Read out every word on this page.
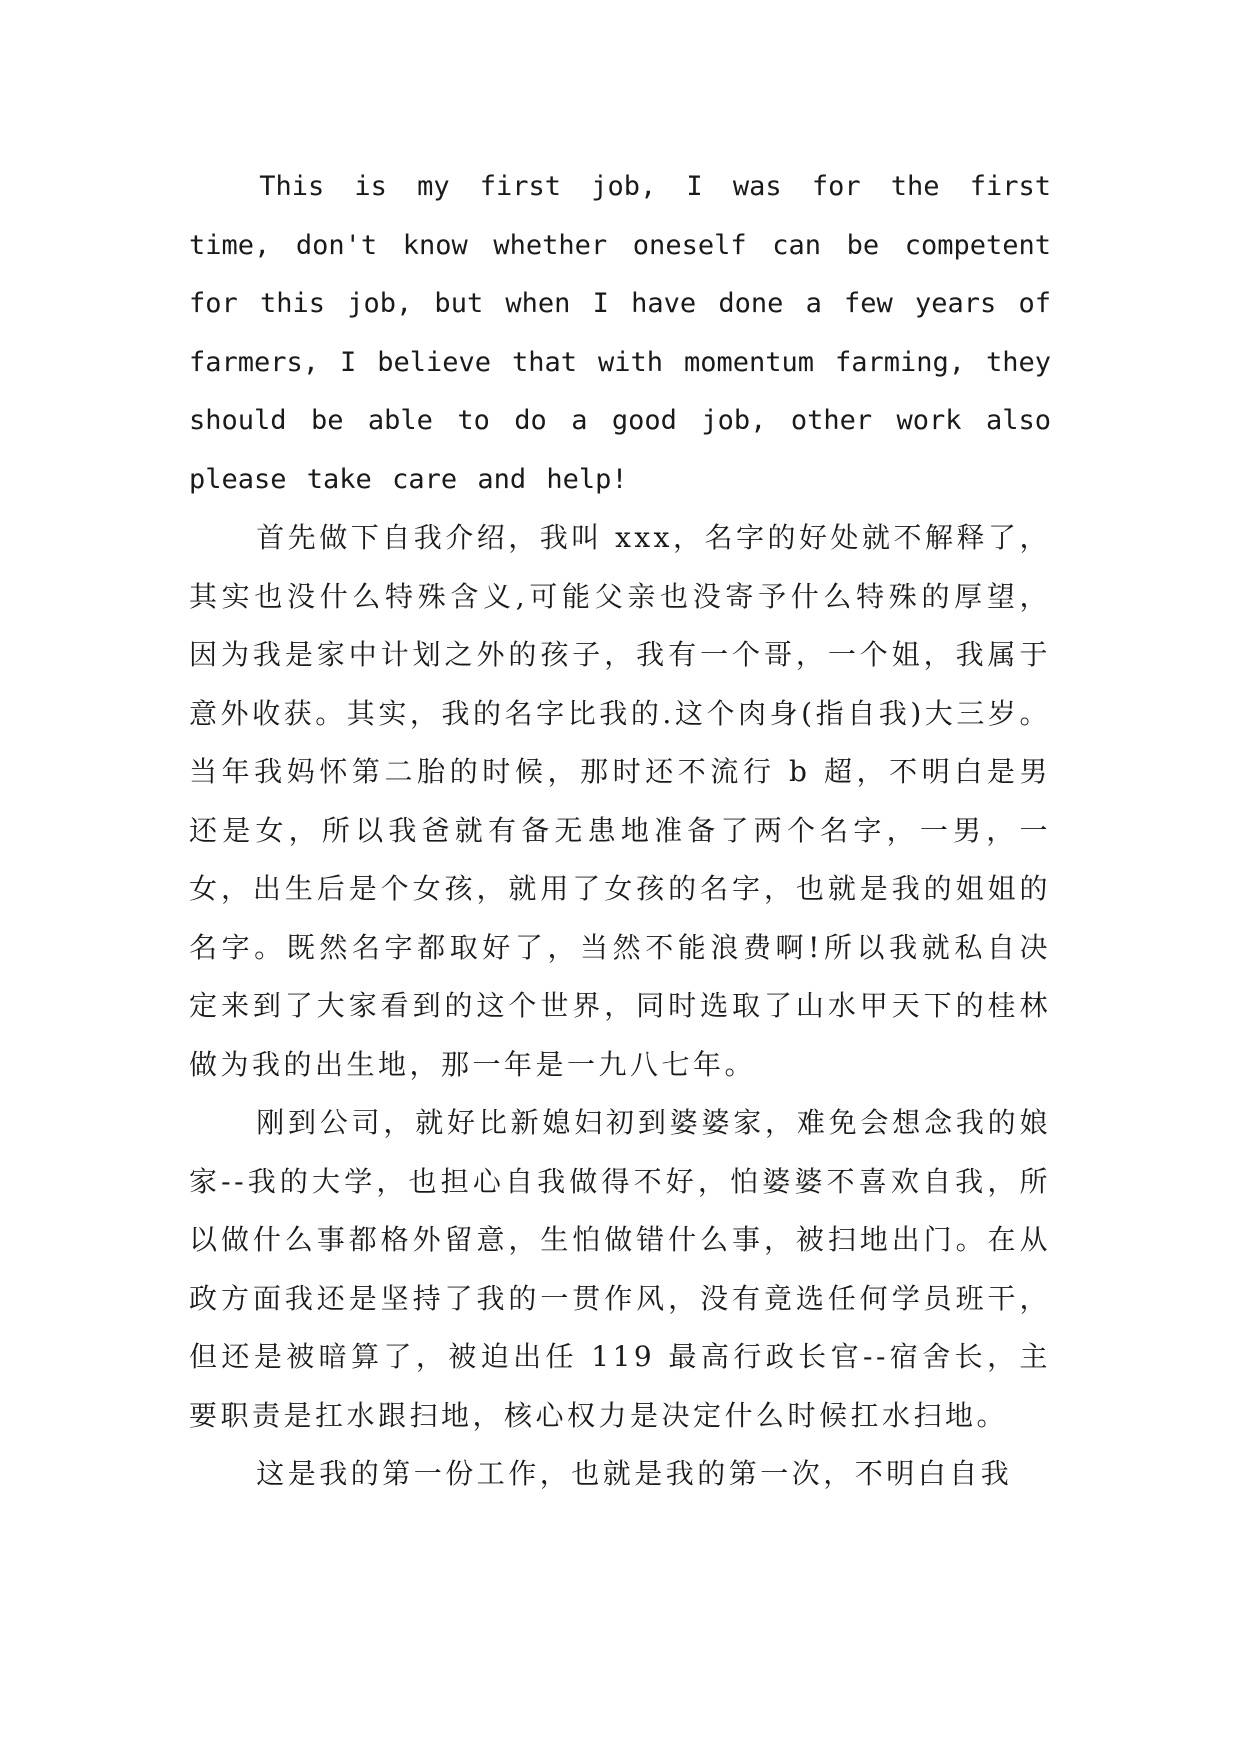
This is my first job, I was for the first time, don't know whether oneself can be competent for this job, but when I have done a few years of farmers, I believe that with momentum farming, they should be able to do a good job, other work also please take care and help!

首先做下自我介绍，我叫 xxx，名字的好处就不解释了，其实也没什么特殊含义,可能父亲也没寄予什么特殊的厚望，因为我是家中计划之外的孩子，我有一个哥，一个姐，我属于意外收获。其实，我的名字比我的.这个肉身(指自我)大三岁。当年我妈怀第二胎的时候，那时还不流行 b 超，不明白是男还是女，所以我爸就有备无患地准备了两个名字，一男，一女，出生后是个女孩，就用了女孩的名字，也就是我的姐姐的名字。既然名字都取好了，当然不能浪费啊!所以我就私自决定来到了大家看到的这个世界，同时选取了山水甲天下的桂林做为我的出生地，那一年是一九八七年。

刚到公司，就好比新媳妇初到婆婆家，难免会想念我的娘家--我的大学，也担心自我做得不好，怕婆婆不喜欢自我，所以做什么事都格外留意，生怕做错什么事，被扫地出门。在从政方面我还是坚持了我的一贯作风，没有竟选任何学员班干，但还是被暗算了，被迫出任 119 最高行政长官--宿舍长，主要职责是扛水跟扫地，核心权力是决定什么时候扛水扫地。

这是我的第一份工作，也就是我的第一次，不明白自我
